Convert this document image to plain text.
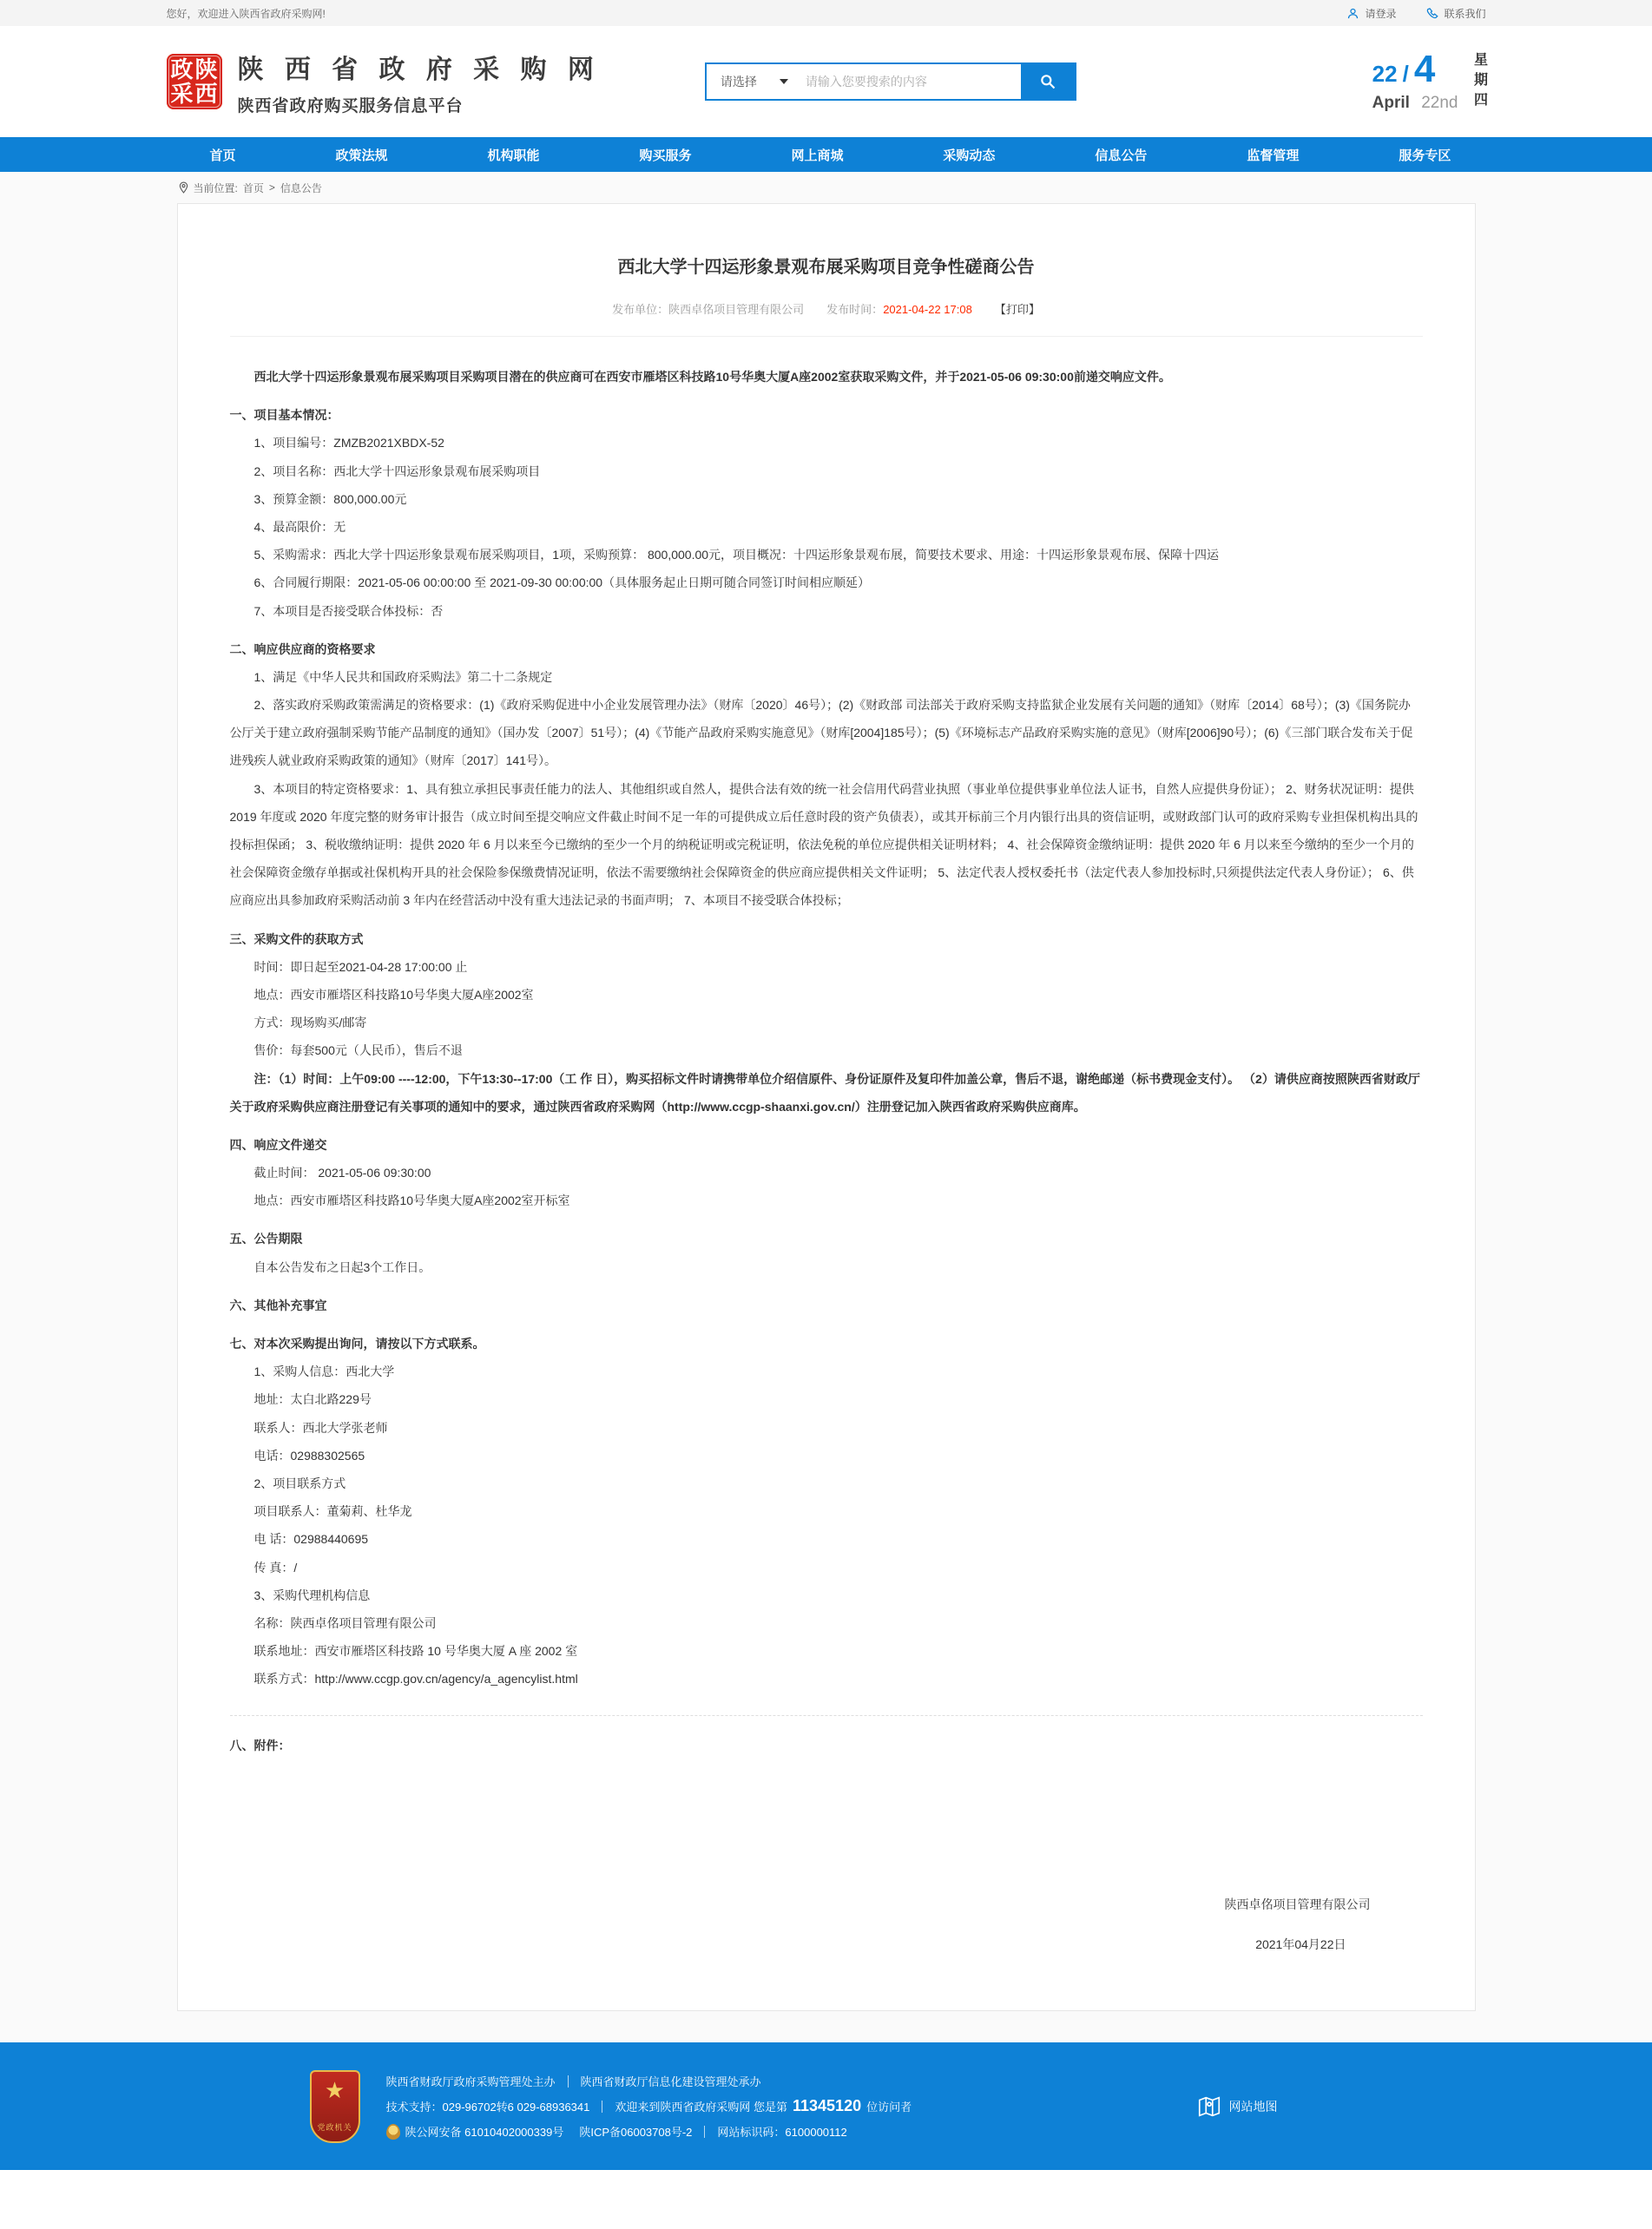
您好，欢迎进入陕西省政府采购网!	请登录	联系我们
政 陕
采 西
陕 西 省 政 府 采 购 网
陕西省政府购买服务信息平台
请选择
请输入您要搜索的内容	22 / 4
April 22nd 星期四
首页	政策法规	机构职能	购买服务	网上商城	采购动态	信息公告	监督管理	服务专区
当前位置: 首页 > 信息公告
西北大学十四运形象景观布展采购项目竞争性磋商公告
发布单位：陕西卓佲项目管理有限公司 发布时间：2021-04-22 17:08 【打印】

西北大学十四运形象景观布展采购项目采购项目潜在的供应商可在西安市雁塔区科技路10号华奥大厦A座2002室获取采购文件，并于2021-05-06 09:30:00前递交响应文件。

一、项目基本情况：

1、项目编号：ZMZB2021XBDX-52

2、项目名称：西北大学十四运形象景观布展采购项目

3、预算金额：800,000.00元

4、最高限价：无

5、采购需求：西北大学十四运形象景观布展采购项目，1项，采购预算： 800,000.00元，项目概况：十四运形象景观布展，简要技术要求、用途：十四运形象景观布展、保障十四运

6、合同履行期限：2021-05-06 00:00:00 至 2021-09-30 00:00:00（具体服务起止日期可随合同签订时间相应顺延）

7、本项目是否接受联合体投标：否

二、响应供应商的资格要求

1、满足《中华人民共和国政府采购法》第二十二条规定

2、落实政府采购政策需满足的资格要求：(1)《政府采购促进中小企业发展管理办法》（财库〔2020〕46号）；(2)《财政部 司法部关于政府采购支持监狱企业发展有关问题的通知》（财库〔2014〕68号）；(3)《国务院办公厅关于建立政府强制采购节能产品制度的通知》（国办发〔2007〕51号）；(4)《节能产品政府采购实施意见》（财库[2004]185号）；(5)《环境标志产品政府采购实施的意见》（财库[2006]90号）；(6)《三部门联合发布关于促进残疾人就业政府采购政策的通知》（财库〔2017〕141号）。

3、本项目的特定资格要求：1、具有独立承担民事责任能力的法人、其他组织或自然人，提供合法有效的统一社会信用代码营业执照（事业单位提供事业单位法人证书，自然人应提供身份证）； 2、财务状况证明：提供 2019 年度或 2020 年度完整的财务审计报告（成立时间至提交响应文件截止时间不足一年的可提供成立后任意时段的资产负债表），或其开标前三个月内银行出具的资信证明，或财政部门认可的政府采购专业担保机构出具的投标担保函； 3、税收缴纳证明：提供 2020 年 6 月以来至今已缴纳的至少一个月的纳税证明或完税证明，依法免税的单位应提供相关证明材料； 4、社会保障资金缴纳证明：提供 2020 年 6 月以来至今缴纳的至少一个月的社会保障资金缴存单据或社保机构开具的社会保险参保缴费情况证明，依法不需要缴纳社会保障资金的供应商应提供相关文件证明； 5、法定代表人授权委托书（法定代表人参加投标时,只须提供法定代表人身份证）； 6、供应商应出具参加政府采购活动前 3 年内在经营活动中没有重大违法记录的书面声明； 7、本项目不接受联合体投标；

三、采购文件的获取方式

时间：即日起至2021-04-28 17:00:00 止

地点：西安市雁塔区科技路10号华奥大厦A座2002室

方式：现场购买/邮寄

售价：每套500元（人民币），售后不退

注：（1）时间：上午09:00 ----12:00，下午13:30--17:00（工 作 日），购买招标文件时请携带单位介绍信原件、身份证原件及复印件加盖公章，售后不退，谢绝邮递（标书费现金支付）。 （2）请供应商按照陕西省财政厅关于政府采购供应商注册登记有关事项的通知中的要求，通过陕西省政府采购网（http://www.ccgp-shaanxi.gov.cn/）注册登记加入陕西省政府采购供应商库。

四、响应文件递交

截止时间： 2021-05-06 09:30:00

地点：西安市雁塔区科技路10号华奥大厦A座2002室开标室

五、公告期限

自本公告发布之日起3个工作日。

六、其他补充事宜

七、对本次采购提出询问，请按以下方式联系。

1、采购人信息：西北大学

地址：太白北路229号

联系人：西北大学张老师

电话：02988302565

2、项目联系方式

项目联系人：董菊莉、杜华龙

电 话：02988440695

传 真：/

3、采购代理机构信息

名称：陕西卓佲项目管理有限公司

联系地址：西安市雁塔区科技路 10 号华奥大厦 A 座 2002 室

联系方式：http://www.ccgp.gov.cn/agency/a_agencylist.html

八、附件：

陕西卓佲项目管理有限公司
2021年04月22日
★
党政机关
陕西省财政厅政府采购管理处主办 陕西省财政厅信息化建设管理处承办
技术支持：029-96702转6 029-68936341 欢迎来到陕西省政府采购网 您是第 11345120 位访问者
陕公网安备 61010402000339号 陕ICP备06003708号-2 网站标识码：6100000112
网站地图
